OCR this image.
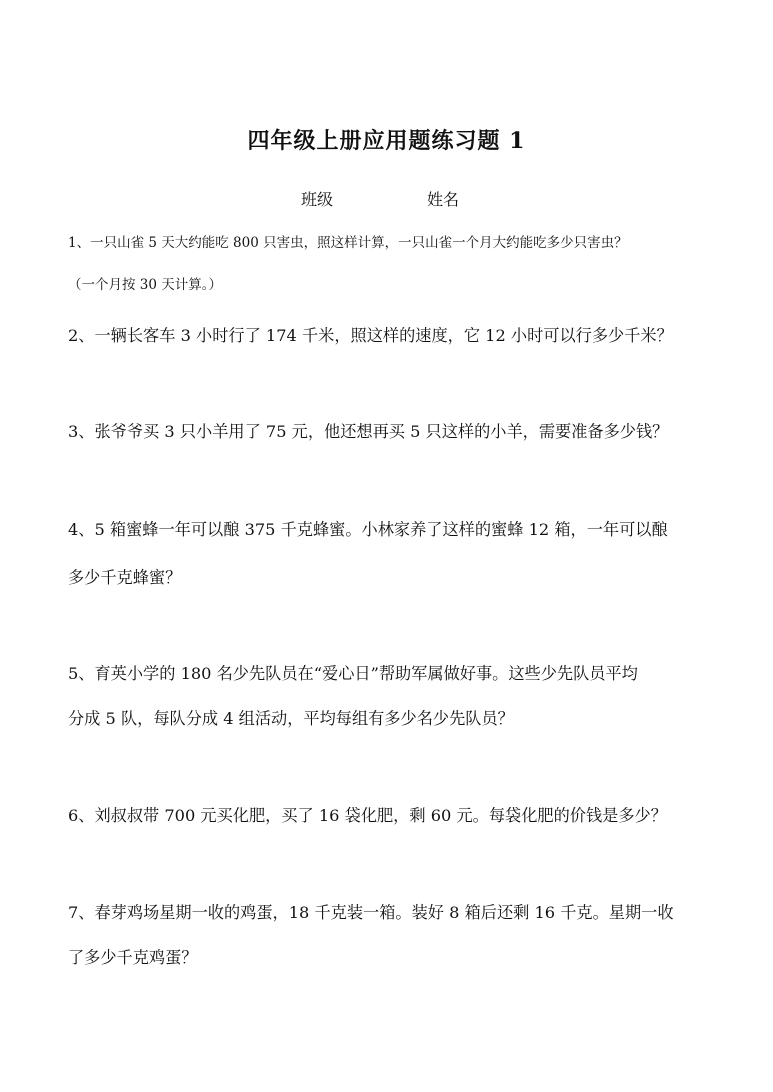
四年级上册应用题练习题 1
班级	姓名
1、一只山雀 5 天大约能吃 800 只害虫，照这样计算，一只山雀一个月大约能吃多少只害虫？
（一个月按 30 天计算。）
2、一辆长客车 3 小时行了 174 千米，照这样的速度，它 12 小时可以行多少千米？
3、张爷爷买 3 只小羊用了 75 元，他还想再买 5 只这样的小羊，需要准备多少钱？
4、5 箱蜜蜂一年可以酿 375 千克蜂蜜。小林家养了这样的蜜蜂 12 箱，一年可以酿
多少千克蜂蜜？
5、育英小学的 180 名少先队员在“爱心日”帮助军属做好事。这些少先队员平均
分成 5 队，每队分成 4 组活动，平均每组有多少名少先队员？
6、刘叔叔带 700 元买化肥，买了 16 袋化肥，剩 60 元。每袋化肥的价钱是多少？
7、春芽鸡场星期一收的鸡蛋，18 千克装一箱。装好 8 箱后还剩 16 千克。星期一收
了多少千克鸡蛋？
